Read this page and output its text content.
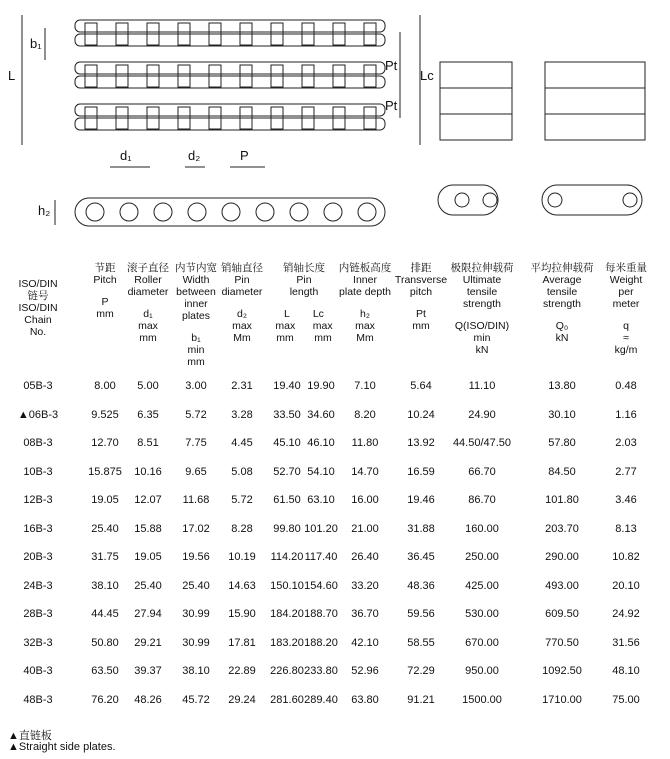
L
b₁
Pt
Pt
Lc
d₁	d₂	P
h₂
ISO/DIN
链号
ISO/DIN
Chain
No.
节距
Pitch
P
mm
滚子直径
Roller
diameter
d₁
max
mm
内节内宽
Width
between
inner
plates
b₁
min
mm
销轴直径
Pin
diameter
d₂
max
Mm
销轴长度
Pin
length
L        Lc
max      max
mm       mm
内链板高度
Inner
plate depth
h₂
max
Mm
排距
Transverse
pitch
Pt
mm
极限拉伸载荷
Ultimate
tensile
strength
Q(ISO/DIN)
min
kN
平均拉伸载荷
Average
tensile
strength
Q₀
kN
每米重量
Weight
per
meter
q
≈
kg/m
05B-3	8.00	5.00	3.00	2.31	19.40 19.90	7.10	5.64	11.10	13.80	0.48
▲06B-3	9.525	6.35	5.72	3.28	33.50 34.60	8.20	10.24	24.90	30.10	1.16
08B-3	12.70	8.51	7.75	4.45	45.10 46.10	11.80	13.92	44.50/47.50	57.80	2.03
10B-3	15.875	10.16	9.65	5.08	52.70 54.10	14.70	16.59	66.70	84.50	2.77
12B-3	19.05	12.07	11.68	5.72	61.50 63.10	16.00	19.46	86.70	101.80	3.46
16B-3	25.40	15.88	17.02	8.28	99.80 101.20	21.00	31.88	160.00	203.70	8.13
20B-3	31.75	19.05	19.56	10.19	114.20 117.40	26.40	36.45	250.00	290.00	10.82
24B-3	38.10	25.40	25.40	14.63	150.10 154.60	33.20	48.36	425.00	493.00	20.10
28B-3	44.45	27.94	30.99	15.90	184.20 188.70	36.70	59.56	530.00	609.50	24.92
32B-3	50.80	29.21	30.99	17.81	183.20 188.20	42.10	58.55	670.00	770.50	31.56
40B-3	63.50	39.37	38.10	22.89	226.80 233.80	52.96	72.29	950.00	1092.50	48.10
48B-3	76.20	48.26	45.72	29.24	281.60 289.40	63.80	91.21	1500.00	1710.00	75.00
▲直链板
▲Straight side plates.
